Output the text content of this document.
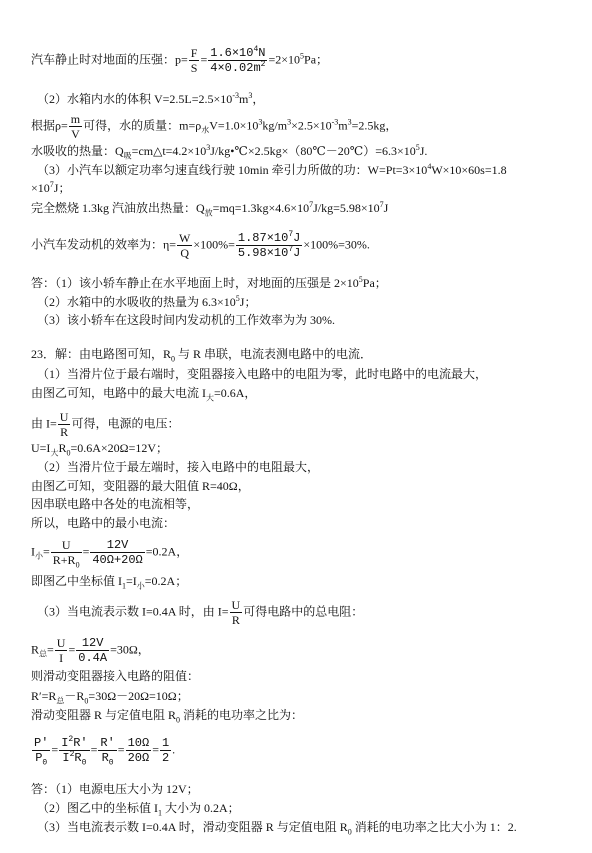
汽车静止时对地面的压强：$p= \frac{F}{S} = \frac{1.6\times 10^4N}{4\times 0.02m^2} =2\times 10^5Pa$；
（2）水箱内水的体积 $V=2.5L=2.5\times 10^{-3}m^3$，
根据$\rho= \frac{m}{V}$ 可得，水的质量：$m=\rho_水V=1.0\times 10^3kg/m^3\times 2.5\times 10^{-3}m^3=2.5kg$，
水吸收的热量：$Q_吸=cm\triangle t=4.2\times 10^3J/kg•℃\times 2.5kg\times(80℃-20℃)=6.3\times 10^5J$.
（3）小汽车以额定功率匀速直线行驶 10min 牵引力所做的功：$W=Pt=3\times 10^4W\times 10\times 60s=1.8$
$\times 10^7J$；
完全燃烧 1.3kg 汽油放出热量：$Q_放=mq=1.3kg\times 4.6\times 10^7J/kg=5.98\times 10^7J$
小汽车发动机的效率为：$\eta= \frac{W}{Q} \times 100\%= \frac{1.87\times 10^7J}{5.98\times 10^7J} \times 100\%=30\%$.
答：（1）该小轿车静止在水平地面上时，对地面的压强是 $2\times 10^5Pa$；
（2）水箱中的水吸收的热量为 $6.3\times 10^5J$；
（3）该小轿车在这段时间内发动机的工作效率为为 30%.
23．解：由电路图可知，$R_0$ 与 R 串联，电流表测电路中的电流．
（1）当滑片位于最右端时，变阻器接入电路中的电阻为零，此时电路中的电流最大，
由图乙可知，电路中的最大电流 $I_大=0.6A$，
由 $I= \frac{U}{R}$ 可得，电源的电压：
$U=I_大R_0=0.6A\times 20\Omega=12V$；
（2）当滑片位于最左端时，接入电路中的电阻最大，
由图乙可知，变阻器的最大阻值 R=40Ω，
因串联电路中各处的电流相等，
所以，电路中的最小电流：
$I_小= \frac{U}{R+R_0} = \frac{12V}{40\Omega+20\Omega} =0.2A$，
即图乙中坐标值 $I_1=I_小=0.2A$；
（3）当电流表示数 I=0.4A 时，由 $I= \frac{U}{R}$ 可得电路中的总电阻：
$R_总= \frac{U}{I} = \frac{12V}{0.4A} =30\Omega$，
则滑动变阻器接入电路的阻值：
$R'=R_总-R_0=30\Omega-20\Omega=10\Omega$；
滑动变阻器 R 与定值电阻 $R_0$ 消耗的电功率之比为：
$\frac{P'}{P_0} = \frac{I^2R'}{I^2R_0} = \frac{R'}{R_0} = \frac{10\Omega}{20\Omega} = \frac{1}{2}$ .
答：（1）电源电压大小为 12V；
（2）图乙中的坐标值 $I_1$ 大小为 0.2A；
（3）当电流表示数 I=0.4A 时，滑动变阻器 R 与定值电阻 $R_0$ 消耗的电功率之比大小为 1：2.
